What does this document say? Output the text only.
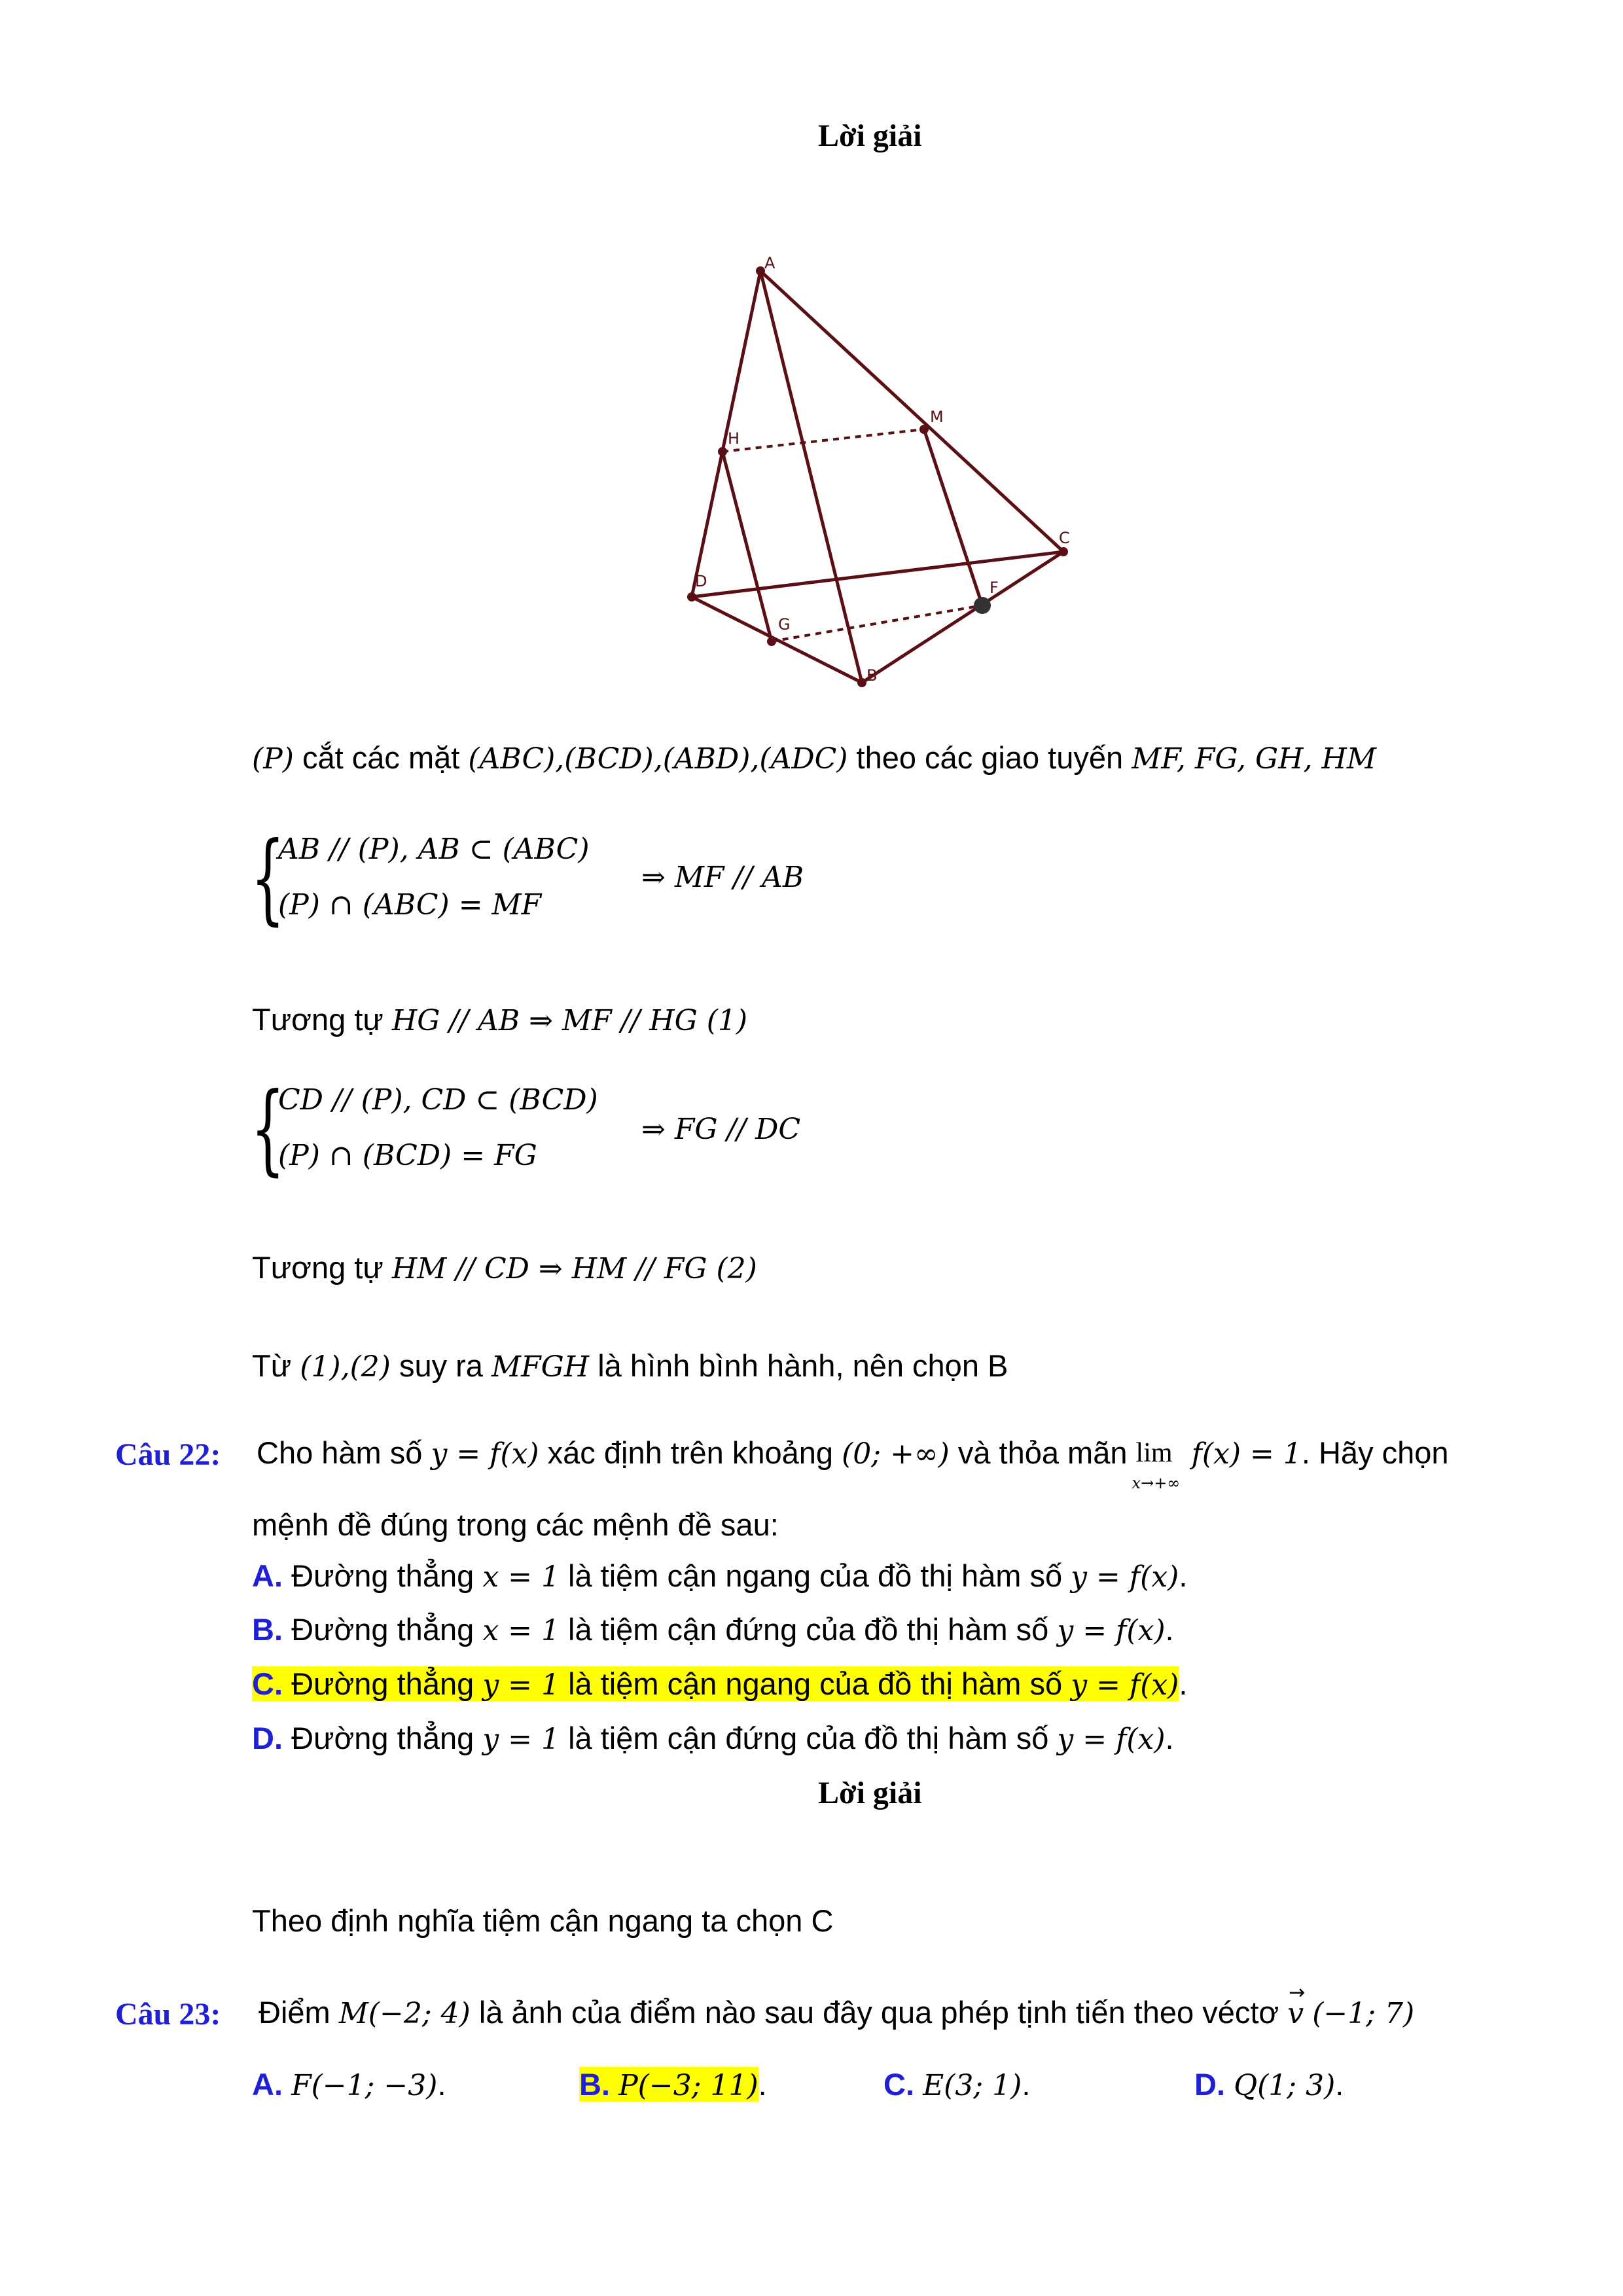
Lời giải
A
B
C
D
M
H
G
F
(P) cắt các mặt (ABC),(BCD),(ABD),(ADC) theo các giao tuyến MF, FG, GH, HM
{
AB // (P), AB ⊂ (ABC)
(P) ∩ (ABC) = MF
⇒ MF // AB
Tương tự HG // AB ⇒ MF // HG (1)
{
CD // (P), CD ⊂ (BCD)
(P) ∩ (BCD) = FG
⇒ FG // DC
Tương tự HM // CD ⇒ HM // FG (2)
Từ (1),(2) suy ra MFGH là hình bình hành, nên chọn B
Câu 22: Cho hàm số y = f(x) xác định trên khoảng (0; +∞) và thỏa mãn lim
x→+∞
f(x) = 1. Hãy chọn
mệnh đề đúng trong các mệnh đề sau:
A. Đường thẳng x = 1 là tiệm cận ngang của đồ thị hàm số y = f(x).
B. Đường thẳng x = 1 là tiệm cận đứng của đồ thị hàm số y = f(x).
C. Đường thẳng y = 1 là tiệm cận ngang của đồ thị hàm số y = f(x).
D. Đường thẳng y = 1 là tiệm cận đứng của đồ thị hàm số y = f(x).
Lời giải
Theo định nghĩa tiệm cận ngang ta chọn C
Câu 23: Điểm M(−2; 4) là ảnh của điểm nào sau đây qua phép tịnh tiến theo véctơ
→
v (−1; 7)
A. F(−1; −3).	B. P(−3; 11).	C. E(3; 1).	D. Q(1; 3).
